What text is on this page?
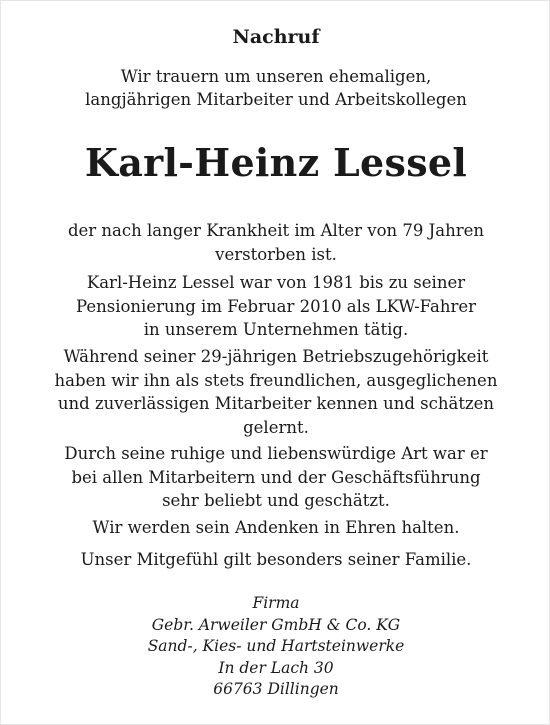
Nachruf
Wir trauern um unseren ehemaligen,
langjährigen Mitarbeiter und Arbeitskollegen
Karl-Heinz Lessel
der nach langer Krankheit im Alter von 79 Jahren
verstorben ist.
Karl-Heinz Lessel war von 1981 bis zu seiner
Pensionierung im Februar 2010 als LKW-Fahrer
in unserem Unternehmen tätig.
Während seiner 29-jährigen Betriebszugehörigkeit
haben wir ihn als stets freundlichen, ausgeglichenen
und zuverlässigen Mitarbeiter kennen und schätzen
gelernt.
Durch seine ruhige und liebenswürdige Art war er
bei allen Mitarbeitern und der Geschäftsführung
sehr beliebt und geschätzt.
Wir werden sein Andenken in Ehren halten.
Unser Mitgefühl gilt besonders seiner Familie.
Firma
Gebr. Arweiler GmbH & Co. KG
Sand-, Kies- und Hartsteinwerke
In der Lach 30
66763 Dillingen
